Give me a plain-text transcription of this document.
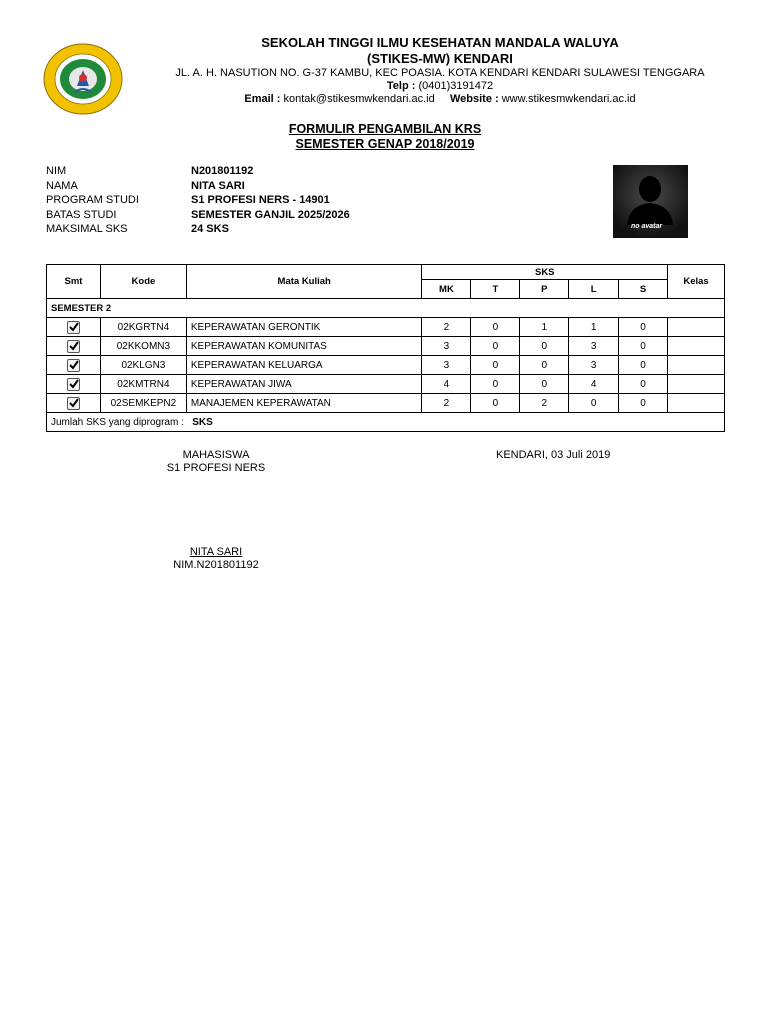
SEKOLAH TINGGI ILMU KESEHATAN MANDALA WALUYA
(STIKES-MW) KENDARI
JL. A. H. NASUTION NO. G-37 KAMBU, KEC POASIA. KOTA KENDARI KENDARI SULAWESI TENGGARA
Telp : (0401)3191472
Email : kontak@stikesmwkendari.ac.id Website : www.stikesmwkendari.ac.id
FORMULIR PENGAMBILAN KRS
SEMESTER GENAP 2018/2019
NIM	N201801192
NAMA	NITA SARI
PROGRAM STUDI	S1 PROFESI NERS - 14901
BATAS STUDI	SEMESTER GANJIL 2025/2026
MAKSIMAL SKS	24 SKS	no avatar
Smt	Kode	Mata Kuliah	SKS					Kelas
			MK	T	P	L	S	
SEMESTER 2								

	02KGRTN4	KEPERAWATAN GERONTIK	2	0	1	1	0	

	02KKOMN3	KEPERAWATAN KOMUNITAS	3	0	0	3	0	

	02KLGN3	KEPERAWATAN KELUARGA	3	0	0	3	0	

	02KMTRN4	KEPERAWATAN JIWA	4	0	0	4	0	

	02SEMKEPN2	MANAJEMEN KEPERAWATAN	2	0	2	0	0	
Jumlah SKS yang diprogram : SKS								
MAHASISWA
S1 PROFESI NERS
NITA SARI
NIM.N201801192
KENDARI, 03 Juli 2019
